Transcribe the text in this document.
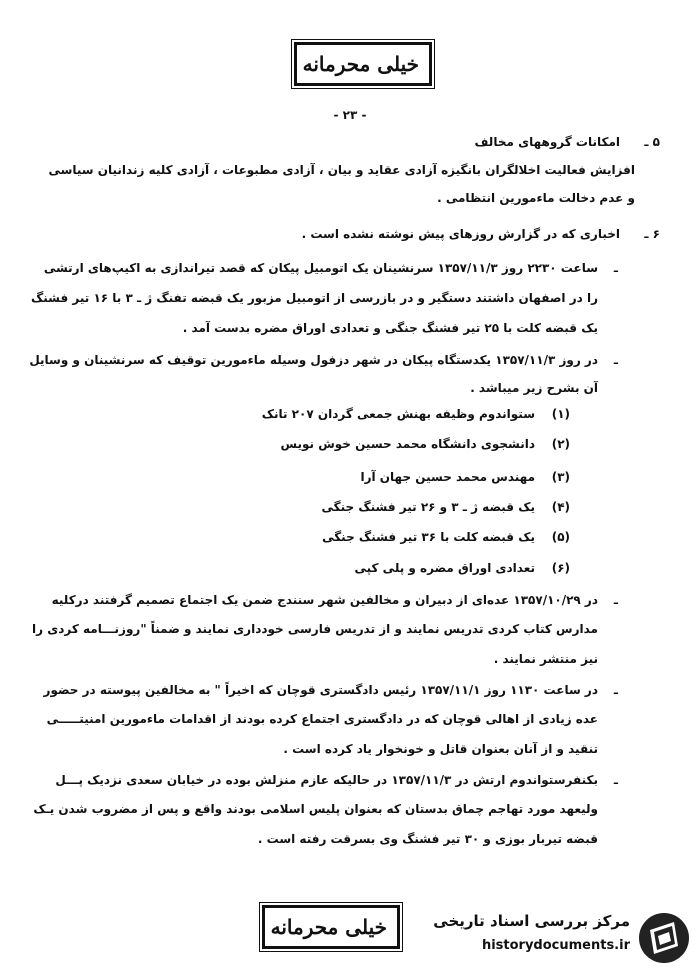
خیلی محرمانه
- ۲۳ -
۵ ـ
امکانات گروههای مخالف
افزایش فعالیت اخلالگران بانگیزه آزادی عقاید و بیان ، آزادی مطبوعات ، آزادی کلیه زندانیان سیاسی
و عدم دخالت ماءمورین انتظامی .
۶ ـ
اخباری که در گزارش روزهای پیش نوشته نشده است .
ـ
ساعت ۲۲۳۰ روز ۱۳۵۷/۱۱/۳ سرنشینان یک اتومبیل پیکان که قصد تیراندازی به اکیپ‌های ارتشی
را در اصفهان داشتند دستگیر و در بازرسی از اتومبیل مزبور یک قبضه تفنگ ژ ـ ۳ با ۱۶ تیر فشنگ
یک قبضه کلت با ۲۵ تیر فشنگ جنگی و تعدادی اوراق مضره بدست آمد .
ـ
در روز ۱۳۵۷/۱۱/۳ یکدستگاه پیکان در شهر دزفول وسیله ماءمورین توقیف که سرنشینان و وسایل
آن بشرح زیر میباشد .
(۱)
ستواندوم وظیفه بهنش جمعی گردان ۲۰۷ تانک
(۲)
دانشجوی دانشگاه محمد حسین خوش نویس
(۳)
مهندس محمد حسین جهان آرا
(۴)
یک قبضه ژ ـ ۳ و ۲۶ تیر فشنگ جنگی
(۵)
یک قبضه کلت با ۳۶ تیر فشنگ جنگی
(۶)
تعدادی اوراق مضره و پلی کپی
ـ
در ۱۳۵۷/۱۰/۲۹ عده‌ای از دبیران و مخالفین شهر سنندج ضمن یک اجتماع تصمیم گرفتند درکلیه
مدارس کتاب کردی تدریس نمایند و از تدریس فارسی خودداری نمایند و ضمناً "روزنـــامه کردی را
نیز منتشر نمایند .
ـ
در ساعت ۱۱۳۰ روز ۱۳۵۷/۱۱/۱ رئیس دادگستری قوچان که اخیراً " به مخالفین پیوسته در حضور
عده زیادی از اهالی قوچان که در دادگستری اجتماع کرده بودند از اقدامات ماءمورین امنیتـــــی
تنقید و از آنان بعنوان قاتل و خونخوار یاد کرده است .
ـ
بکنفرستواندوم ارتش در ۱۳۵۷/۱۱/۳ در حالیکه عازم منزلش بوده در خیابان سعدی نزدیک پـــل
ولیعهد مورد تهاجم چماق بدستان که بعنوان پلیس اسلامی بودند واقع و پس از مضروب شدن یـک
قبضه تیربار بوزی و ۳۰ تیر فشنگ وی بسرقت رفته است .
خیلی محرمانه	مرکز بررسی اسناد تاریخی
historydocuments.ir
